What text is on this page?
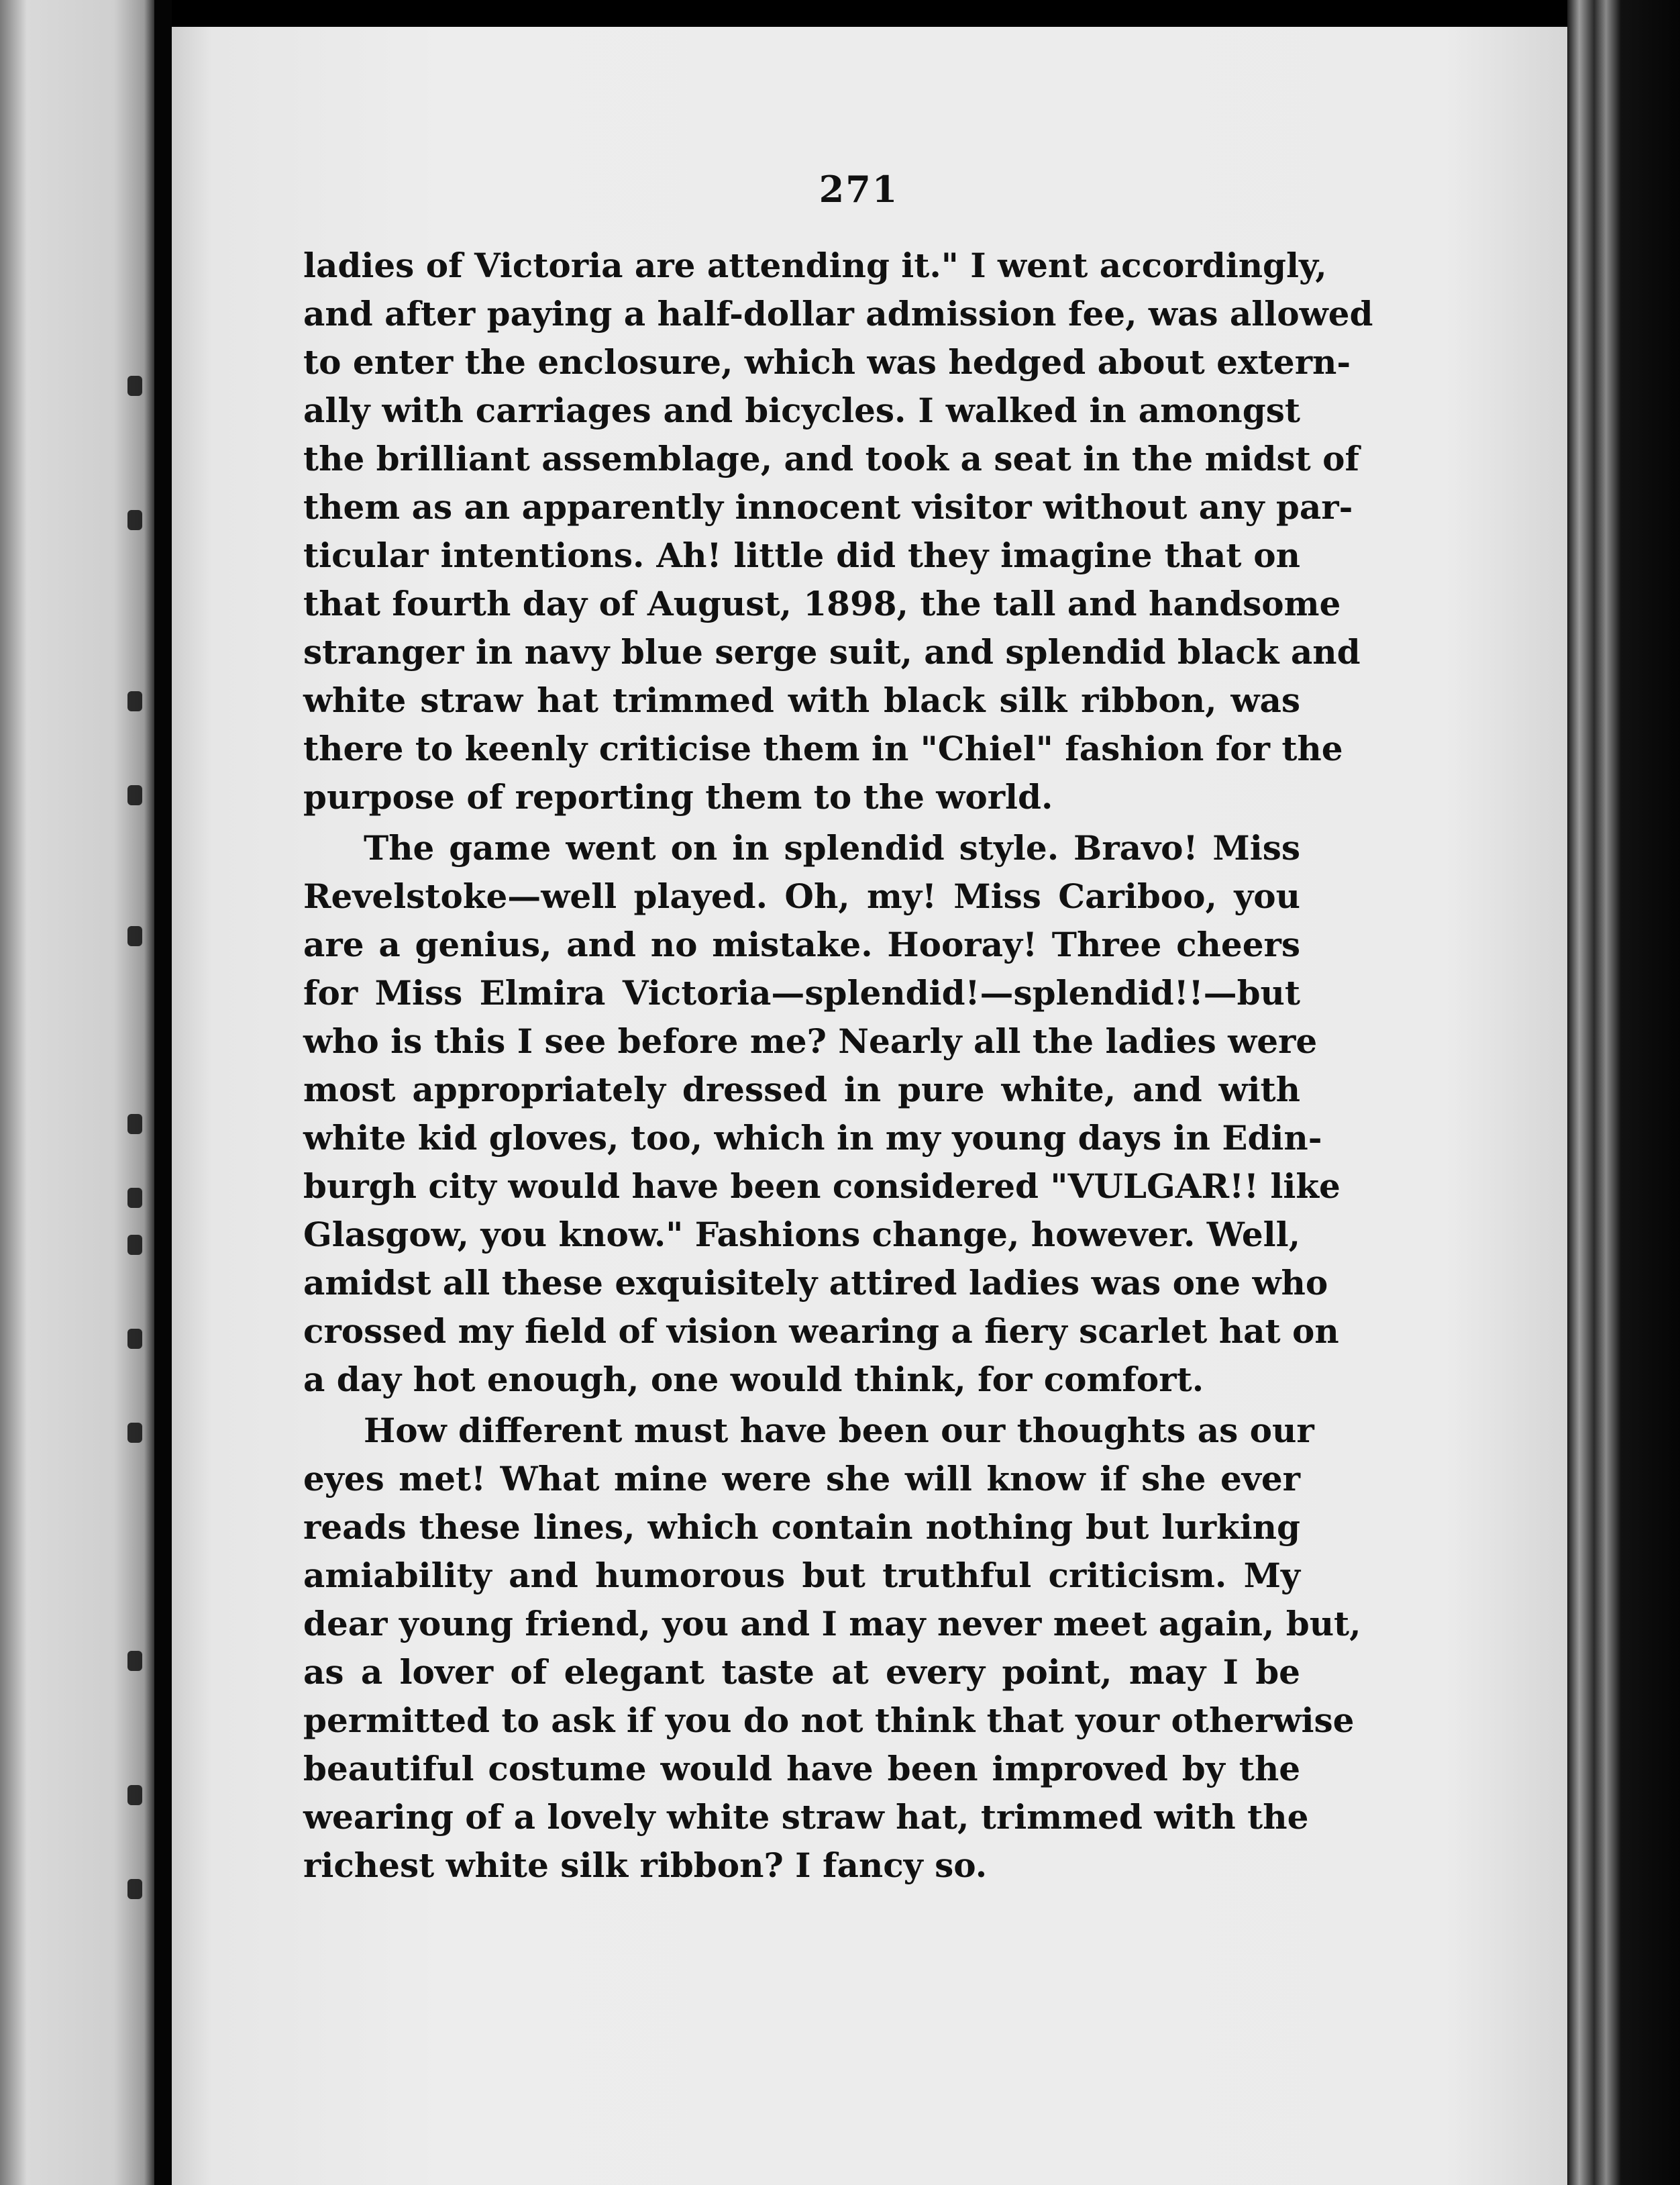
271
ladies of Victoria are attending it." I went accordingly,
and after paying a half-dollar admission fee, was allowed
to enter the enclosure, which was hedged about extern-
ally with carriages and bicycles. I walked in amongst
the brilliant assemblage, and took a seat in the midst of
them as an apparently innocent visitor without any par-
ticular intentions. Ah! little did they imagine that on
that fourth day of August, 1898, the tall and handsome
stranger in navy blue serge suit, and splendid black and
white straw hat trimmed with black silk ribbon, was
there to keenly criticise them in "Chiel" fashion for the
purpose of reporting them to the world.
The game went on in splendid style. Bravo! Miss
Revelstoke—well played. Oh, my! Miss Cariboo, you
are a genius, and no mistake. Hooray! Three cheers
for Miss Elmira Victoria—splendid!—splendid!!—but
who is this I see before me? Nearly all the ladies were
most appropriately dressed in pure white, and with
white kid gloves, too, which in my young days in Edin-
burgh city would have been considered "VULGAR!! like
Glasgow, you know." Fashions change, however. Well,
amidst all these exquisitely attired ladies was one who
crossed my field of vision wearing a fiery scarlet hat on
a day hot enough, one would think, for comfort.
How different must have been our thoughts as our
eyes met! What mine were she will know if she ever
reads these lines, which contain nothing but lurking
amiability and humorous but truthful criticism. My
dear young friend, you and I may never meet again, but,
as a lover of elegant taste at every point, may I be
permitted to ask if you do not think that your otherwise
beautiful costume would have been improved by the
wearing of a lovely white straw hat, trimmed with the
richest white silk ribbon? I fancy so.
